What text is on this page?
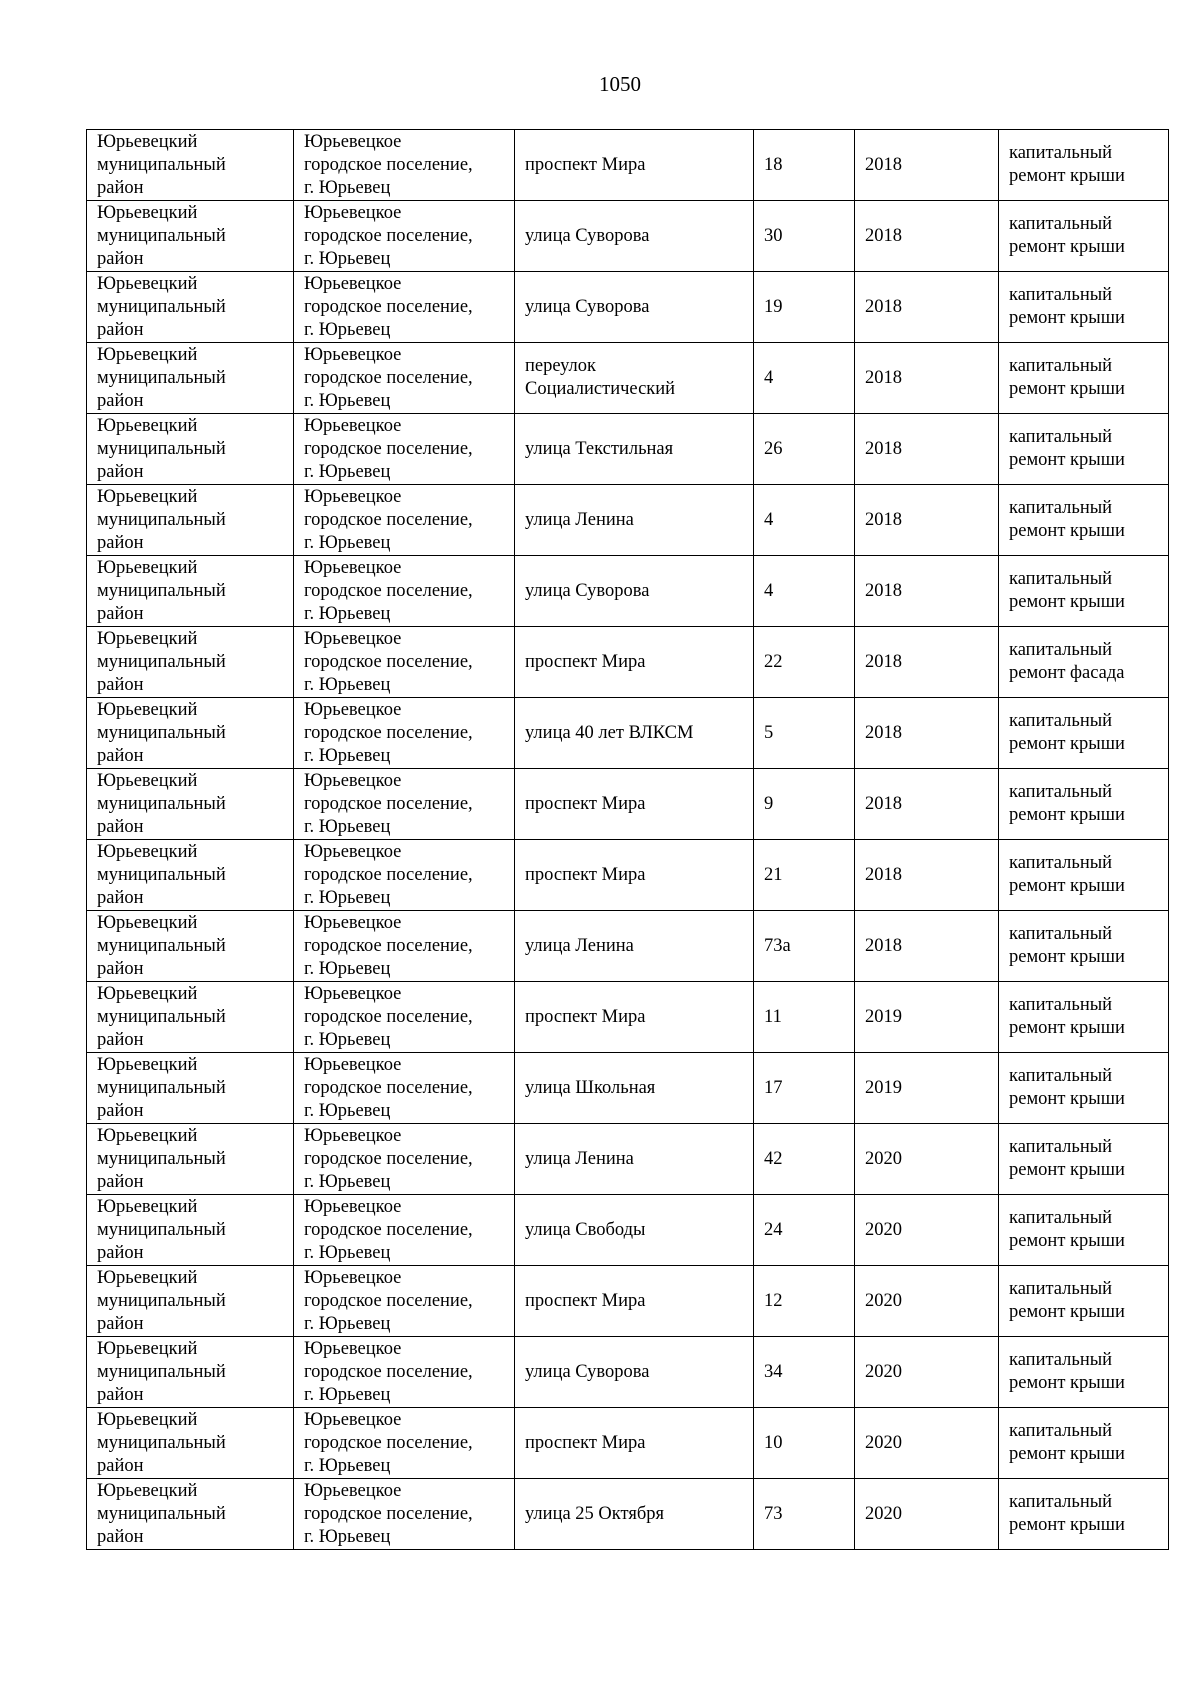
1050
Юрьевецкий
муниципальный
район	Юрьевецкое
городское поселение,
г. Юрьевец	проспект Мира	18	2018	капитальный
ремонт крыши
Юрьевецкий
муниципальный
район	Юрьевецкое
городское поселение,
г. Юрьевец	улица Суворова	30	2018	капитальный
ремонт крыши
Юрьевецкий
муниципальный
район	Юрьевецкое
городское поселение,
г. Юрьевец	улица Суворова	19	2018	капитальный
ремонт крыши
Юрьевецкий
муниципальный
район	Юрьевецкое
городское поселение,
г. Юрьевец	переулок
Социалистический	4	2018	капитальный
ремонт крыши
Юрьевецкий
муниципальный
район	Юрьевецкое
городское поселение,
г. Юрьевец	улица Текстильная	26	2018	капитальный
ремонт крыши
Юрьевецкий
муниципальный
район	Юрьевецкое
городское поселение,
г. Юрьевец	улица Ленина	4	2018	капитальный
ремонт крыши
Юрьевецкий
муниципальный
район	Юрьевецкое
городское поселение,
г. Юрьевец	улица Суворова	4	2018	капитальный
ремонт крыши
Юрьевецкий
муниципальный
район	Юрьевецкое
городское поселение,
г. Юрьевец	проспект Мира	22	2018	капитальный
ремонт фасада
Юрьевецкий
муниципальный
район	Юрьевецкое
городское поселение,
г. Юрьевец	улица 40 лет ВЛКСМ	5	2018	капитальный
ремонт крыши
Юрьевецкий
муниципальный
район	Юрьевецкое
городское поселение,
г. Юрьевец	проспект Мира	9	2018	капитальный
ремонт крыши
Юрьевецкий
муниципальный
район	Юрьевецкое
городское поселение,
г. Юрьевец	проспект Мира	21	2018	капитальный
ремонт крыши
Юрьевецкий
муниципальный
район	Юрьевецкое
городское поселение,
г. Юрьевец	улица Ленина	73а	2018	капитальный
ремонт крыши
Юрьевецкий
муниципальный
район	Юрьевецкое
городское поселение,
г. Юрьевец	проспект Мира	11	2019	капитальный
ремонт крыши
Юрьевецкий
муниципальный
район	Юрьевецкое
городское поселение,
г. Юрьевец	улица Школьная	17	2019	капитальный
ремонт крыши
Юрьевецкий
муниципальный
район	Юрьевецкое
городское поселение,
г. Юрьевец	улица Ленина	42	2020	капитальный
ремонт крыши
Юрьевецкий
муниципальный
район	Юрьевецкое
городское поселение,
г. Юрьевец	улица Свободы	24	2020	капитальный
ремонт крыши
Юрьевецкий
муниципальный
район	Юрьевецкое
городское поселение,
г. Юрьевец	проспект Мира	12	2020	капитальный
ремонт крыши
Юрьевецкий
муниципальный
район	Юрьевецкое
городское поселение,
г. Юрьевец	улица Суворова	34	2020	капитальный
ремонт крыши
Юрьевецкий
муниципальный
район	Юрьевецкое
городское поселение,
г. Юрьевец	проспект Мира	10	2020	капитальный
ремонт крыши
Юрьевецкий
муниципальный
район	Юрьевецкое
городское поселение,
г. Юрьевец	улица 25 Октября	73	2020	капитальный
ремонт крыши
